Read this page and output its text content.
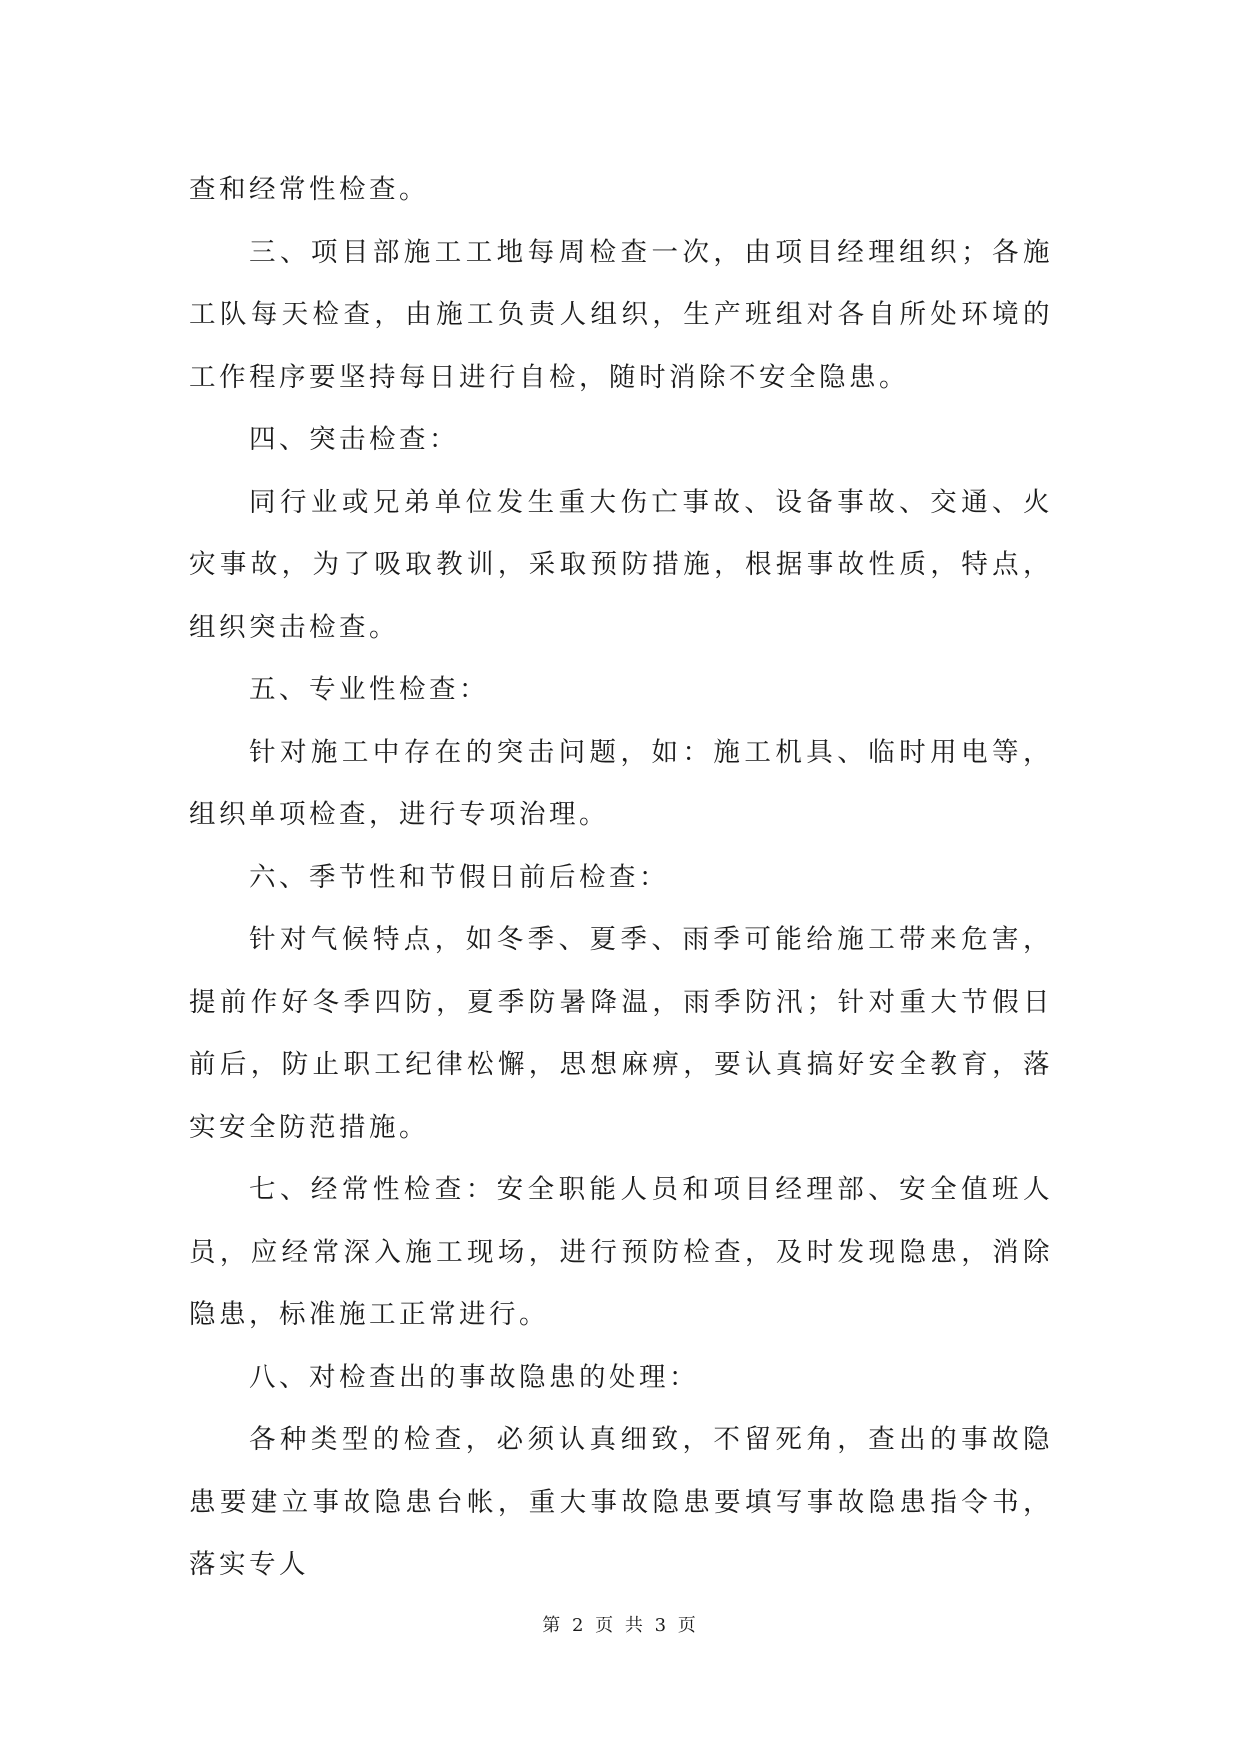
查和经常性检查。

三、项目部施工工地每周检查一次，由项目经理组织；各施工队每天检查，由施工负责人组织，生产班组对各自所处环境的工作程序要坚持每日进行自检，随时消除不安全隐患。

四、突击检查：

同行业或兄弟单位发生重大伤亡事故、设备事故、交通、火灾事故，为了吸取教训，采取预防措施，根据事故性质，特点，组织突击检查。

五、专业性检查：

针对施工中存在的突击问题，如：施工机具、临时用电等，组织单项检查，进行专项治理。

六、季节性和节假日前后检查：

针对气候特点，如冬季、夏季、雨季可能给施工带来危害，提前作好冬季四防，夏季防暑降温，雨季防汛；针对重大节假日前后，防止职工纪律松懈，思想麻痹，要认真搞好安全教育，落实安全防范措施。

七、经常性检查：安全职能人员和项目经理部、安全值班人员，应经常深入施工现场，进行预防检查，及时发现隐患，消除隐患，标准施工正常进行。

八、对检查出的事故隐患的处理：

各种类型的检查，必须认真细致，不留死角，查出的事故隐患要建立事故隐患台帐，重大事故隐患要填写事故隐患指令书，落实专人

第 2 页 共 3 页
